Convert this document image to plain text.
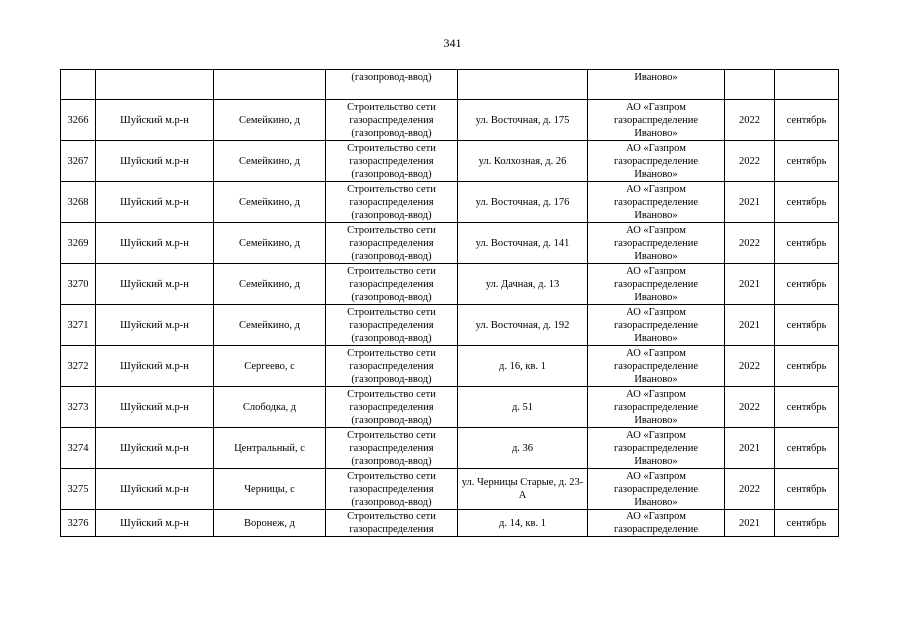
341
			(газопровод-ввод)		Иваново»		
3266	Шуйский м.р-н	Семейкино, д	Строительство сети
газораспределения
(газопровод-ввод)	ул. Восточная, д. 175	АО «Газпром
газораспределение
Иваново»	2022	сентябрь
3267	Шуйский м.р-н	Семейкино, д	Строительство сети
газораспределения
(газопровод-ввод)	ул. Колхозная, д. 26	АО «Газпром
газораспределение
Иваново»	2022	сентябрь
3268	Шуйский м.р-н	Семейкино, д	Строительство сети
газораспределения
(газопровод-ввод)	ул. Восточная, д. 176	АО «Газпром
газораспределение
Иваново»	2021	сентябрь
3269	Шуйский м.р-н	Семейкино, д	Строительство сети
газораспределения
(газопровод-ввод)	ул. Восточная, д. 141	АО «Газпром
газораспределение
Иваново»	2022	сентябрь
3270	Шуйский м.р-н	Семейкино, д	Строительство сети
газораспределения
(газопровод-ввод)	ул. Дачная, д. 13	АО «Газпром
газораспределение
Иваново»	2021	сентябрь
3271	Шуйский м.р-н	Семейкино, д	Строительство сети
газораспределения
(газопровод-ввод)	ул. Восточная, д. 192	АО «Газпром
газораспределение
Иваново»	2021	сентябрь
3272	Шуйский м.р-н	Сергеево, с	Строительство сети
газораспределения
(газопровод-ввод)	д. 16, кв. 1	АО «Газпром
газораспределение
Иваново»	2022	сентябрь
3273	Шуйский м.р-н	Слободка, д	Строительство сети
газораспределения
(газопровод-ввод)	д. 51	АО «Газпром
газораспределение
Иваново»	2022	сентябрь
3274	Шуйский м.р-н	Центральный, с	Строительство сети
газораспределения
(газопровод-ввод)	д. 36	АО «Газпром
газораспределение
Иваново»	2021	сентябрь
3275	Шуйский м.р-н	Черницы, с	Строительство сети
газораспределения
(газопровод-ввод)	ул. Черницы Старые, д. 23-А	АО «Газпром
газораспределение
Иваново»	2022	сентябрь
3276	Шуйский м.р-н	Воронеж, д	Строительство сети
газораспределения	д. 14, кв. 1	АО «Газпром
газораспределение	2021	сентябрь
